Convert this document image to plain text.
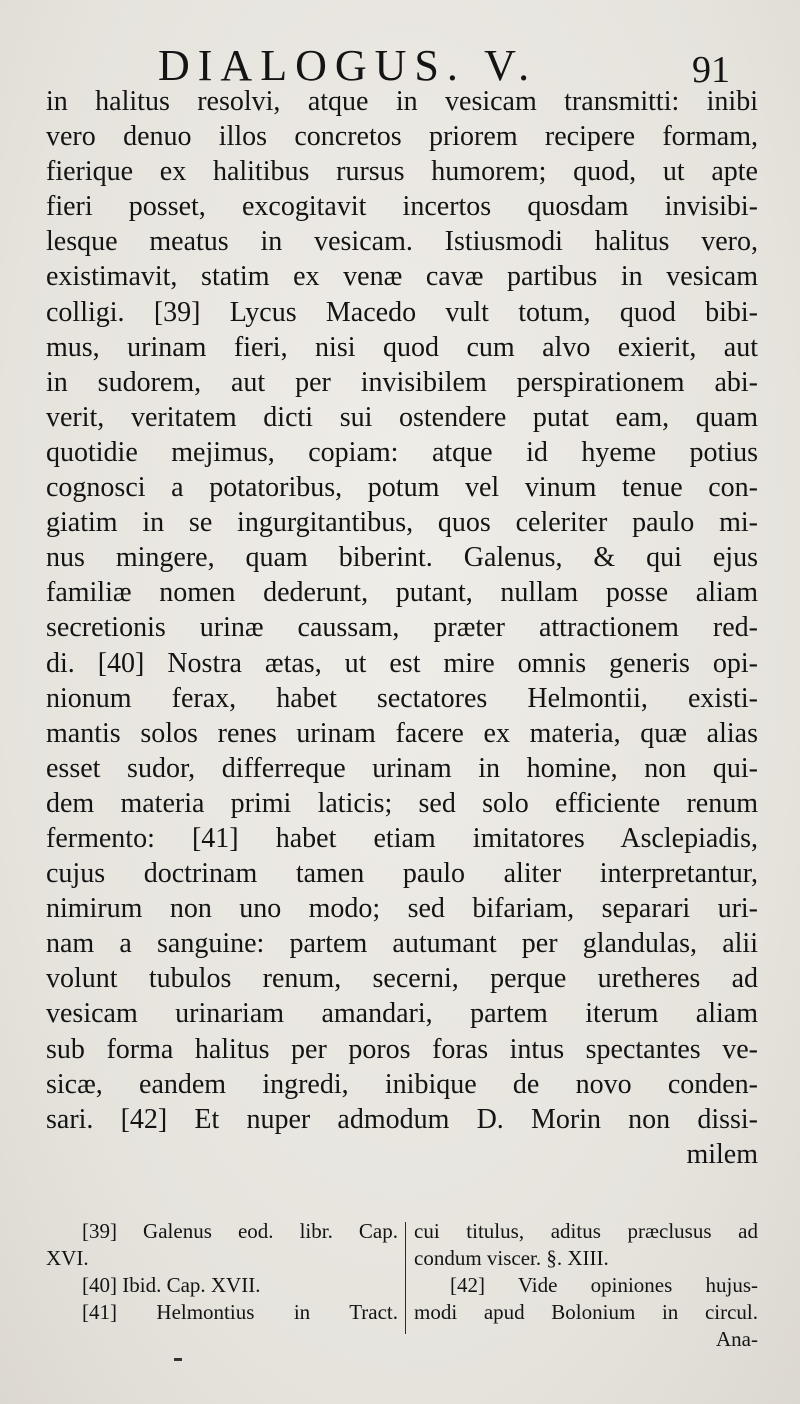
DIALOGUS. V.	91
in halitus resolvi, atque in vesicam transmitti: inibi
vero denuo illos concretos priorem recipere formam,
fierique ex halitibus rursus humorem; quod, ut apte
fieri posset, excogitavit incertos quosdam invisibi-
lesque meatus in vesicam. Istiusmodi halitus vero,
existimavit, statim ex venæ cavæ partibus in vesicam
colligi. [39] Lycus Macedo vult totum, quod bibi-
mus, urinam fieri, nisi quod cum alvo exierit, aut
in sudorem, aut per invisibilem perspirationem abi-
verit, veritatem dicti sui ostendere putat eam, quam
quotidie mejimus, copiam: atque id hyeme potius
cognosci a potatoribus, potum vel vinum tenue con-
giatim in se ingurgitantibus, quos celeriter paulo mi-
nus mingere, quam biberint. Galenus, & qui ejus
familiæ nomen dederunt, putant, nullam posse aliam
secretionis urinæ caussam, præter attractionem red-
di. [40] Nostra ætas, ut est mire omnis generis opi-
nionum ferax, habet sectatores Helmontii, existi-
mantis solos renes urinam facere ex materia, quæ alias
esset sudor, differreque urinam in homine, non qui-
dem materia primi laticis; sed solo efficiente renum
fermento: [41] habet etiam imitatores Asclepiadis,
cujus doctrinam tamen paulo aliter interpretantur,
nimirum non uno modo; sed bifariam, separari uri-
nam a sanguine: partem autumant per glandulas, alii
volunt tubulos renum, secerni, perque uretheres ad
vesicam urinariam amandari, partem iterum aliam
sub forma halitus per poros foras intus spectantes ve-
sicæ, eandem ingredi, inibique de novo conden-
sari. [42] Et nuper admodum D. Morin non dissi-
milem
[39] Galenus eod. libr. Cap.
XVI.
[40] Ibid. Cap. XVII.
[41] Helmontius in Tract.
cui titulus, aditus præclusus ad
condum viscer. §. XIII.
[42] Vide opiniones hujus-
modi apud Bolonium in circul.
Ana-
